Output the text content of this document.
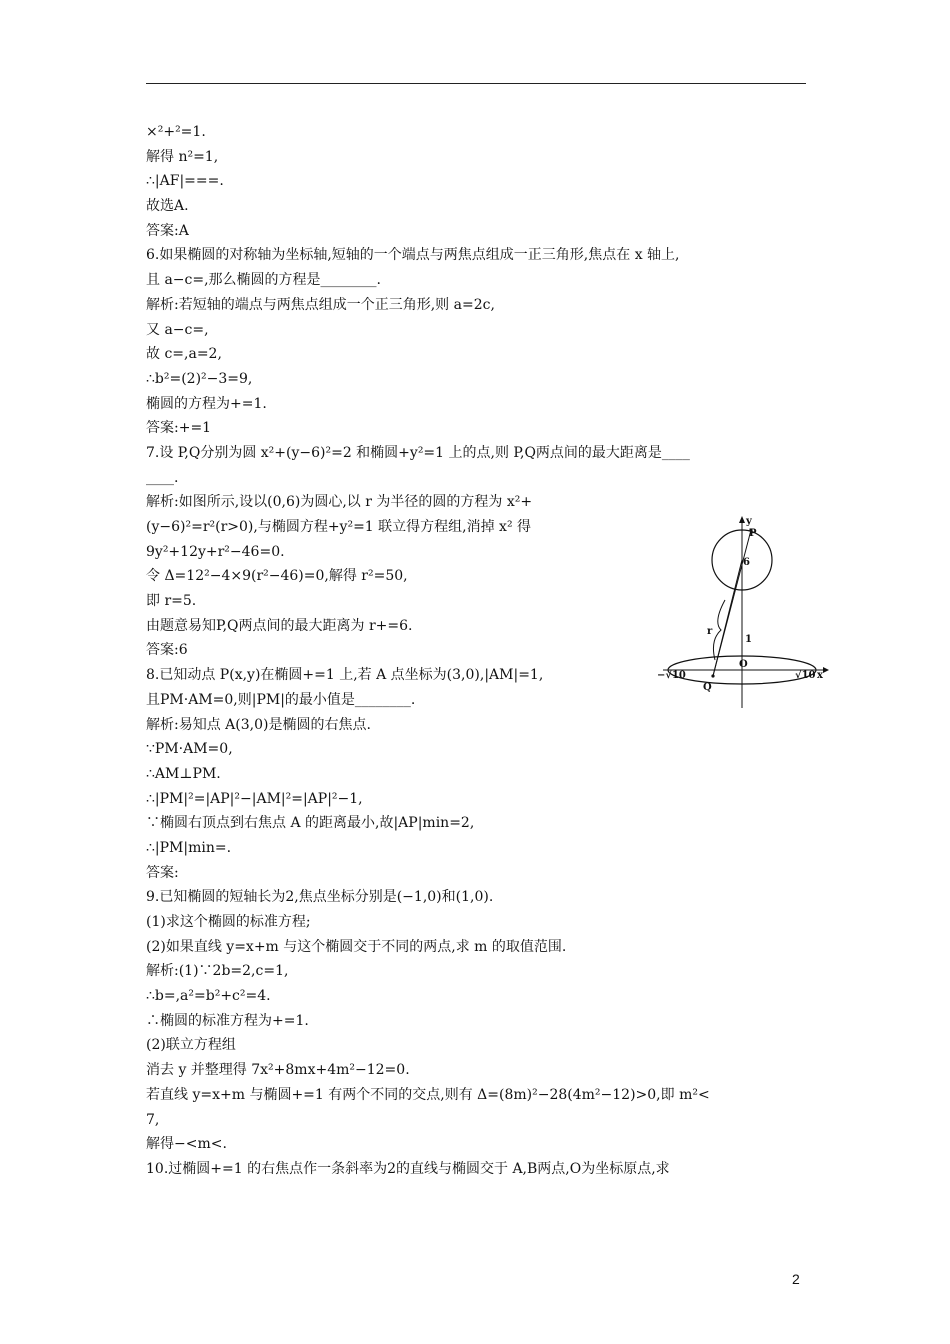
×²+²=1.
解得 n²=1,
∴|AF|===.
故选A.
答案:A
6.如果椭圆的对称轴为坐标轴,短轴的一个端点与两焦点组成一正三角形,焦点在 x 轴上,
且 a−c=,那么椭圆的方程是________.
解析:若短轴的端点与两焦点组成一个正三角形,则 a=2c,
又 a−c=,
故 c=,a=2,
∴b²=(2)²−3=9,
椭圆的方程为+=1.
答案:+=1
7.设 P,Q分别为圆 x²+(y−6)²=2 和椭圆+y²=1 上的点,则 P,Q两点间的最大距离是____
____.
解析:如图所示,设以(0,6)为圆心,以 r 为半径的圆的方程为 x²+
(y−6)²=r²(r>0),与椭圆方程+y²=1 联立得方程组,消掉 x² 得
9y²+12y+r²−46=0.
令 Δ=12²−4×9(r²−46)=0,解得 r²=50,
即 r=5.
由题意易知P,Q两点间的最大距离为 r+=6.
答案:6
8.已知动点 P(x,y)在椭圆+=1 上,若 A 点坐标为(3,0),|AM|=1,
且PM·AM=0,则|PM|的最小值是________.
解析:易知点 A(3,0)是椭圆的右焦点.
∵PM·AM=0,
∴AM⊥PM.
∴|PM|²=|AP|²−|AM|²=|AP|²−1,
∵椭圆右顶点到右焦点 A 的距离最小,故|AP|min=2,
∴|PM|min=.
答案:
9.已知椭圆的短轴长为2,焦点坐标分别是(−1,0)和(1,0).
(1)求这个椭圆的标准方程;
(2)如果直线 y=x+m 与这个椭圆交于不同的两点,求 m 的取值范围.
解析:(1)∵2b=2,c=1,
∴b=,a²=b²+c²=4.
∴椭圆的标准方程为+=1.
(2)联立方程组
消去 y 并整理得 7x²+8mx+4m²−12=0.
若直线 y=x+m 与椭圆+=1 有两个不同的交点,则有 Δ=(8m)²−28(4m²−12)>0,即 m²<
7,
解得−<m<.
10.过椭圆+=1 的右焦点作一条斜率为2的直线与椭圆交于 A,B两点,O为坐标原点,求
y
P
6
r
1
O
x
Q
−√10	√10
2
